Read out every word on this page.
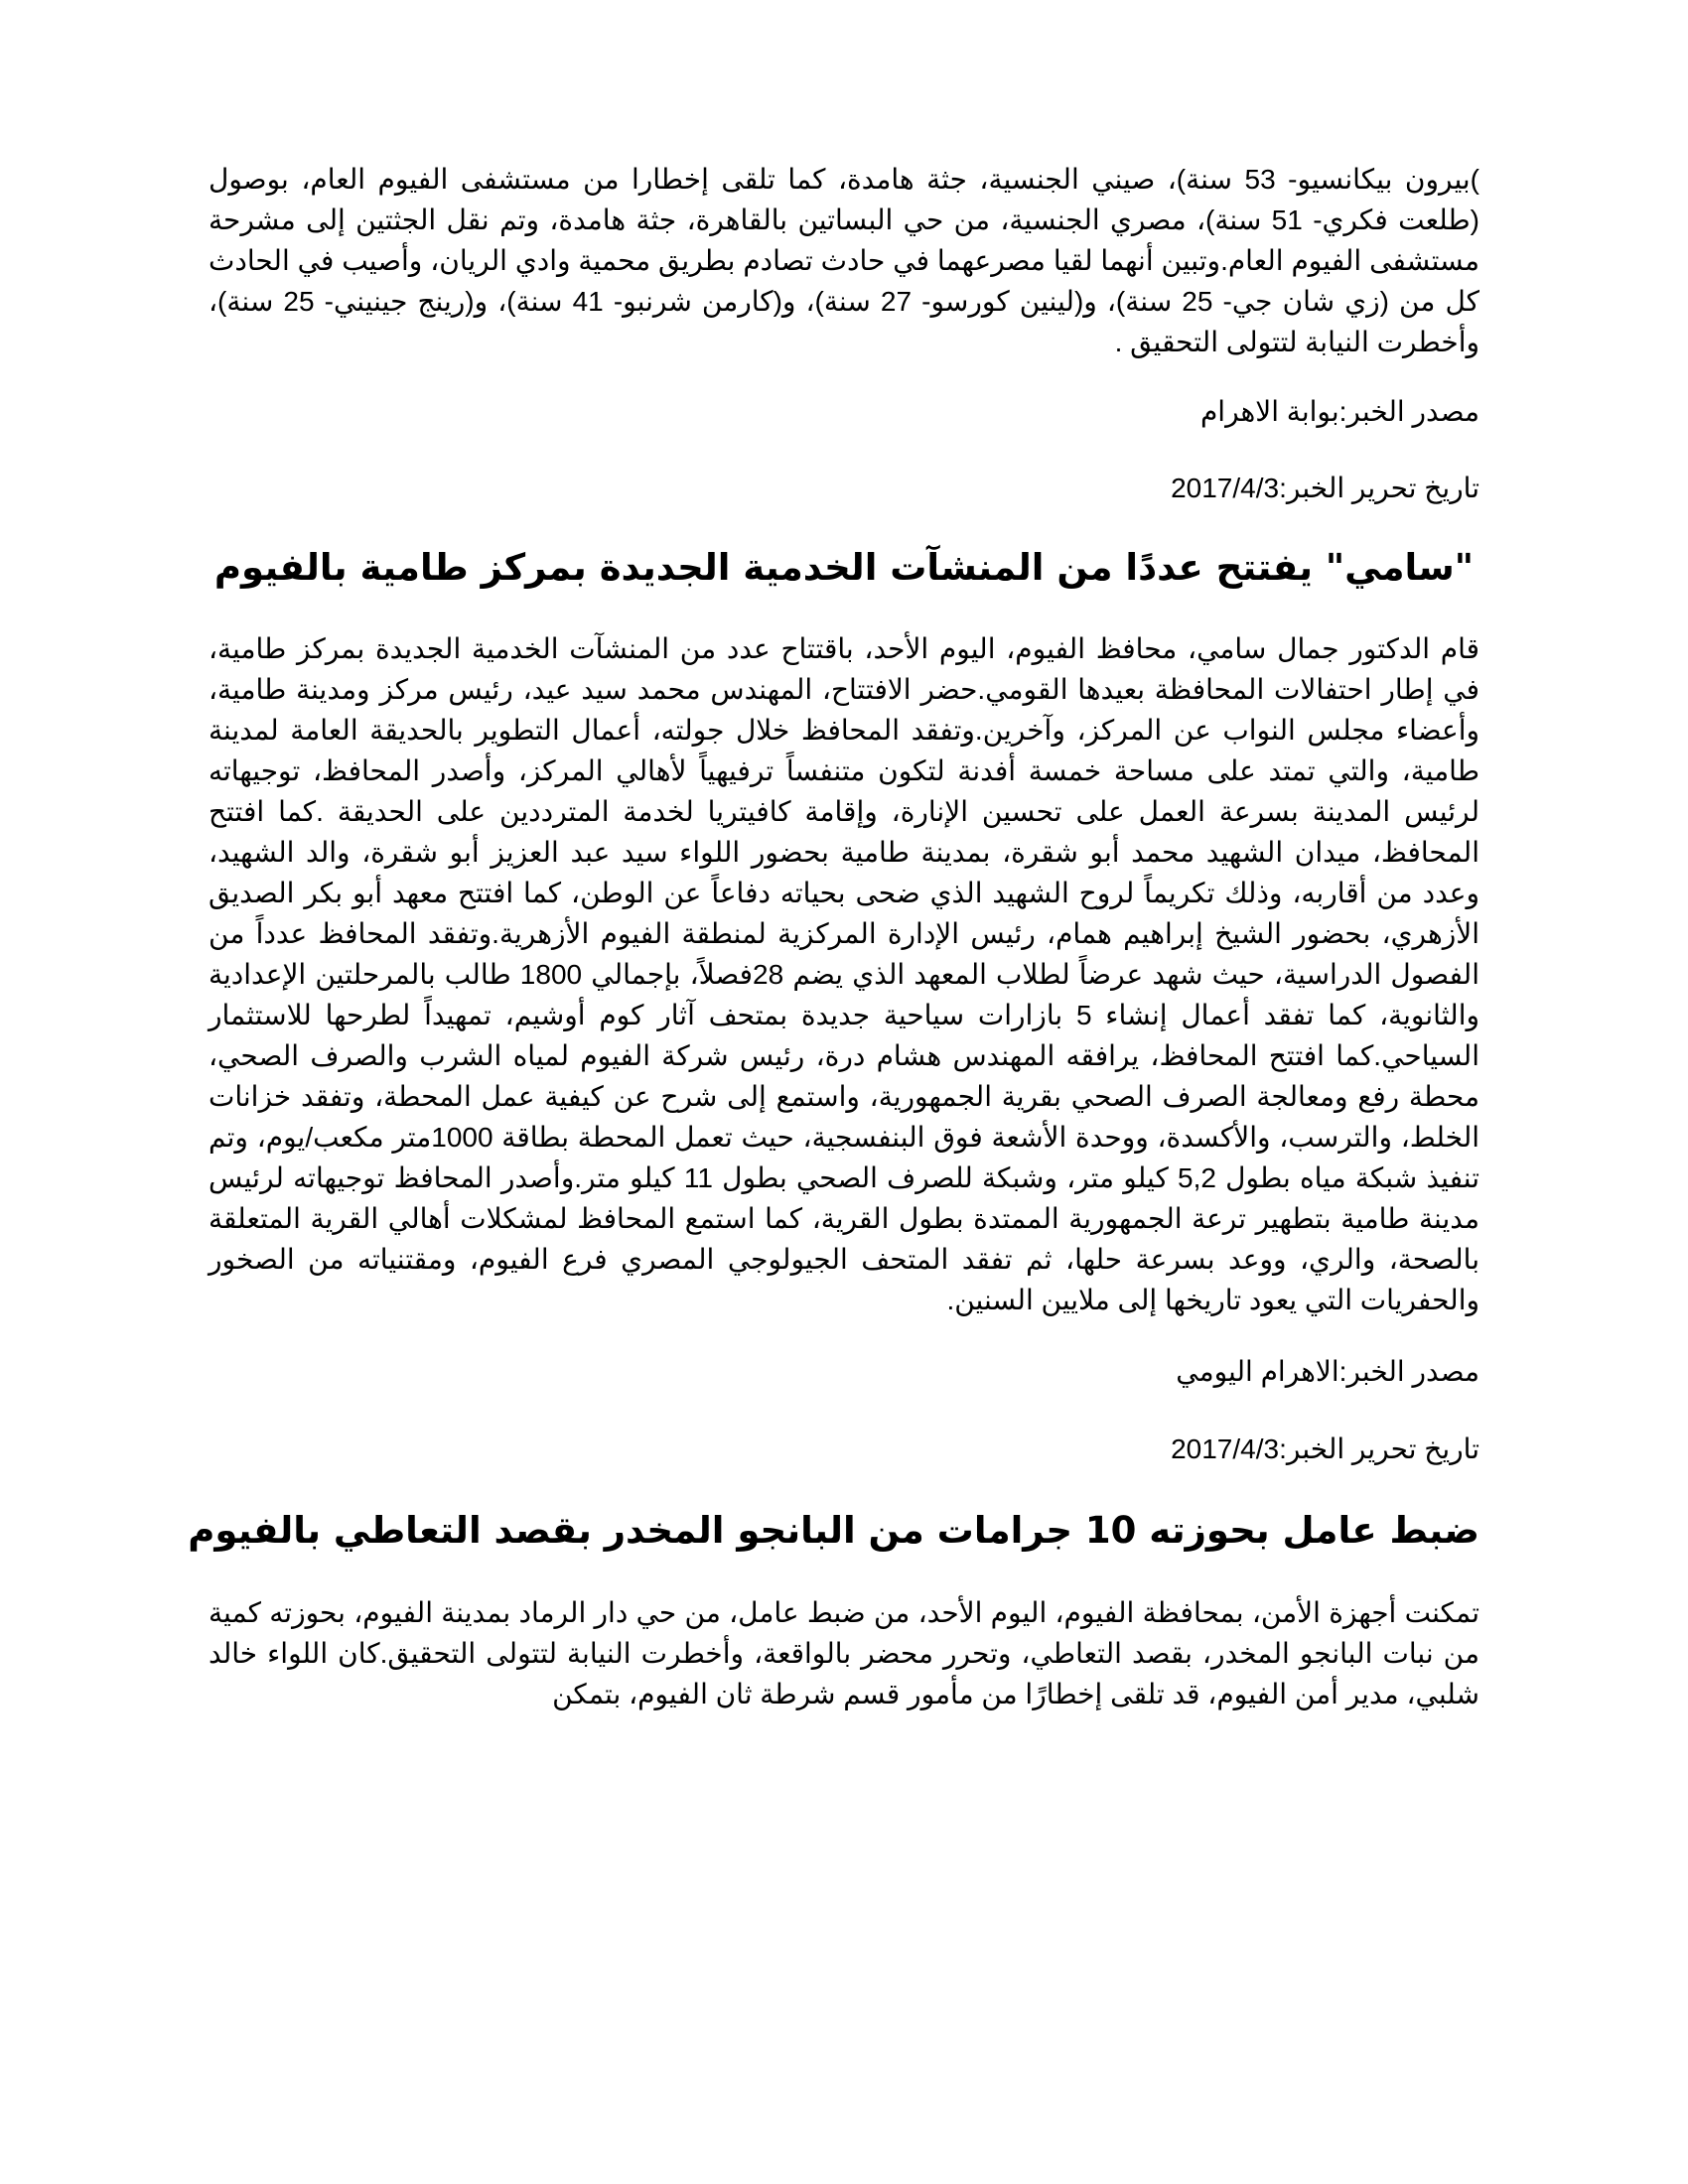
)بيرون بيكانسيو- 53 سنة)، صيني الجنسية، جثة هامدة، كما تلقى إخطارا من مستشفى الفيوم العام، بوصول (طلعت فكري- 51 سنة)، مصري الجنسية، من حي البساتين بالقاهرة، جثة هامدة، وتم نقل الجثتين إلى مشرحة مستشفى الفيوم العام.وتبين أنهما لقيا مصرعهما في حادث تصادم بطريق محمية وادي الريان، وأصيب في الحادث كل من (زي شان جي- 25 سنة)، و(لينين كورسو- 27 سنة)، و(كارمن شرنبو- 41 سنة)، و(رينج جينيني- 25 سنة)، وأخطرت النيابة لتتولى التحقيق .

مصدر الخبر:بوابة الاهرام

تاريخ تحرير الخبر:2017/4/3

"سامي" يفتتح عددًا من المنشآت الخدمية الجديدة بمركز طامية بالفيوم

قام الدكتور جمال سامي، محافظ الفيوم، اليوم الأحد، باقتتاح عدد من المنشآت الخدمية الجديدة بمركز طامية، في إطار احتفالات المحافظة بعيدها القومي.حضر الافتتاح، المهندس محمد سيد عيد، رئيس مركز ومدينة طامية، وأعضاء مجلس النواب عن المركز، وآخرين.وتفقد المحافظ خلال جولته، أعمال التطوير بالحديقة العامة لمدينة طامية، والتي تمتد على مساحة خمسة أفدنة لتكون متنفساً ترفيهياً لأهالي المركز، وأصدر المحافظ، توجيهاته لرئيس المدينة بسرعة العمل على تحسين الإنارة، وإقامة كافيتريا لخدمة المترددين على الحديقة .كما افتتح المحافظ، ميدان الشهيد محمد أبو شقرة، بمدينة طامية بحضور اللواء سيد عبد العزيز أبو شقرة، والد الشهيد، وعدد من أقاربه، وذلك تكريماً لروح الشهيد الذي ضحى بحياته دفاعاً عن الوطن، كما افتتح معهد أبو بكر الصديق الأزهري، بحضور الشيخ إبراهيم همام، رئيس الإدارة المركزية لمنطقة الفيوم الأزهرية.وتفقد المحافظ عدداً من الفصول الدراسية، حيث شهد عرضاً لطلاب المعهد الذي يضم 28فصلاً، بإجمالي 1800 طالب بالمرحلتين الإعدادية والثانوية، كما تفقد أعمال إنشاء 5 بازارات سياحية جديدة بمتحف آثار كوم أوشيم، تمهيداً لطرحها للاستثمار السياحي.كما افتتح المحافظ، يرافقه المهندس هشام درة، رئيس شركة الفيوم لمياه الشرب والصرف الصحي، محطة رفع ومعالجة الصرف الصحي بقرية الجمهورية، واستمع إلى شرح عن كيفية عمل المحطة، وتفقد خزانات الخلط، والترسب، والأكسدة، ووحدة الأشعة فوق البنفسجية، حيث تعمل المحطة بطاقة 1000متر مكعب/يوم، وتم تنفيذ شبكة مياه بطول 5,2 كيلو متر، وشبكة للصرف الصحي بطول 11 كيلو متر.وأصدر المحافظ توجيهاته لرئيس مدينة طامية بتطهير ترعة الجمهورية الممتدة بطول القرية، كما استمع المحافظ لمشكلات أهالي القرية المتعلقة بالصحة، والري، ووعد بسرعة حلها، ثم تفقد المتحف الجيولوجي المصري فرع الفيوم، ومقتنياته من الصخور والحفريات التي يعود تاريخها إلى ملايين السنين.

مصدر الخبر:الاهرام اليومي

تاريخ تحرير الخبر:2017/4/3

ضبط عامل بحوزته 10 جرامات من البانجو المخدر بقصد التعاطي بالفيوم

تمكنت أجهزة الأمن، بمحافظة الفيوم، اليوم الأحد، من ضبط عامل، من حي دار الرماد بمدينة الفيوم، بحوزته كمية من نبات البانجو المخدر، بقصد التعاطي، وتحرر محضر بالواقعة، وأخطرت النيابة لتتولى التحقيق.كان اللواء خالد شلبي، مدير أمن الفيوم، قد تلقى إخطارًا من مأمور قسم شرطة ثان الفيوم، بتمكن
